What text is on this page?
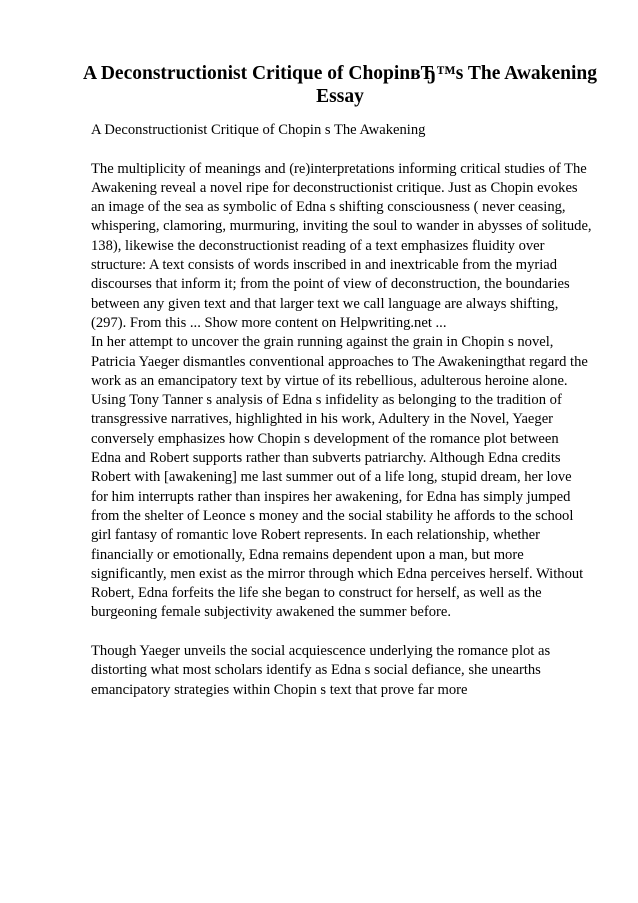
A Deconstructionist Critique of ChopinвЂ™s The Awakening Essay

A Deconstructionist Critique of Chopin s The Awakening

The multiplicity of meanings and (re)interpretations informing critical studies of The Awakening reveal a novel ripe for deconstructionist critique. Just as Chopin evokes an image of the sea as symbolic of Edna s shifting consciousness ( never ceasing, whispering, clamoring, murmuring, inviting the soul to wander in abysses of solitude, 138), likewise the deconstructionist reading of a text emphasizes fluidity over structure: A text consists of words inscribed in and inextricable from the myriad discourses that inform it; from the point of view of deconstruction, the boundaries between any given text and that larger text we call language are always shifting, (297). From this ... Show more content on Helpwriting.net ...

In her attempt to uncover the grain running against the grain in Chopin s novel, Patricia Yaeger dismantles conventional approaches to The Awakeningthat regard the work as an emancipatory text by virtue of its rebellious, adulterous heroine alone. Using Tony Tanner s analysis of Edna s infidelity as belonging to the tradition of transgressive narratives, highlighted in his work, Adultery in the Novel, Yaeger conversely emphasizes how Chopin s development of the romance plot between Edna and Robert supports rather than subverts patriarchy. Although Edna credits Robert with [awakening] me last summer out of a life long, stupid dream, her love for him interrupts rather than inspires her awakening, for Edna has simply jumped from the shelter of Leonce s money and the social stability he affords to the school girl fantasy of romantic love Robert represents. In each relationship, whether financially or emotionally, Edna remains dependent upon a man, but more significantly, men exist as the mirror through which Edna perceives herself. Without Robert, Edna forfeits the life she began to construct for herself, as well as the burgeoning female subjectivity awakened the summer before.

Though Yaeger unveils the social acquiescence underlying the romance plot as distorting what most scholars identify as Edna s social defiance, she unearths emancipatory strategies within Chopin s text that prove far more
